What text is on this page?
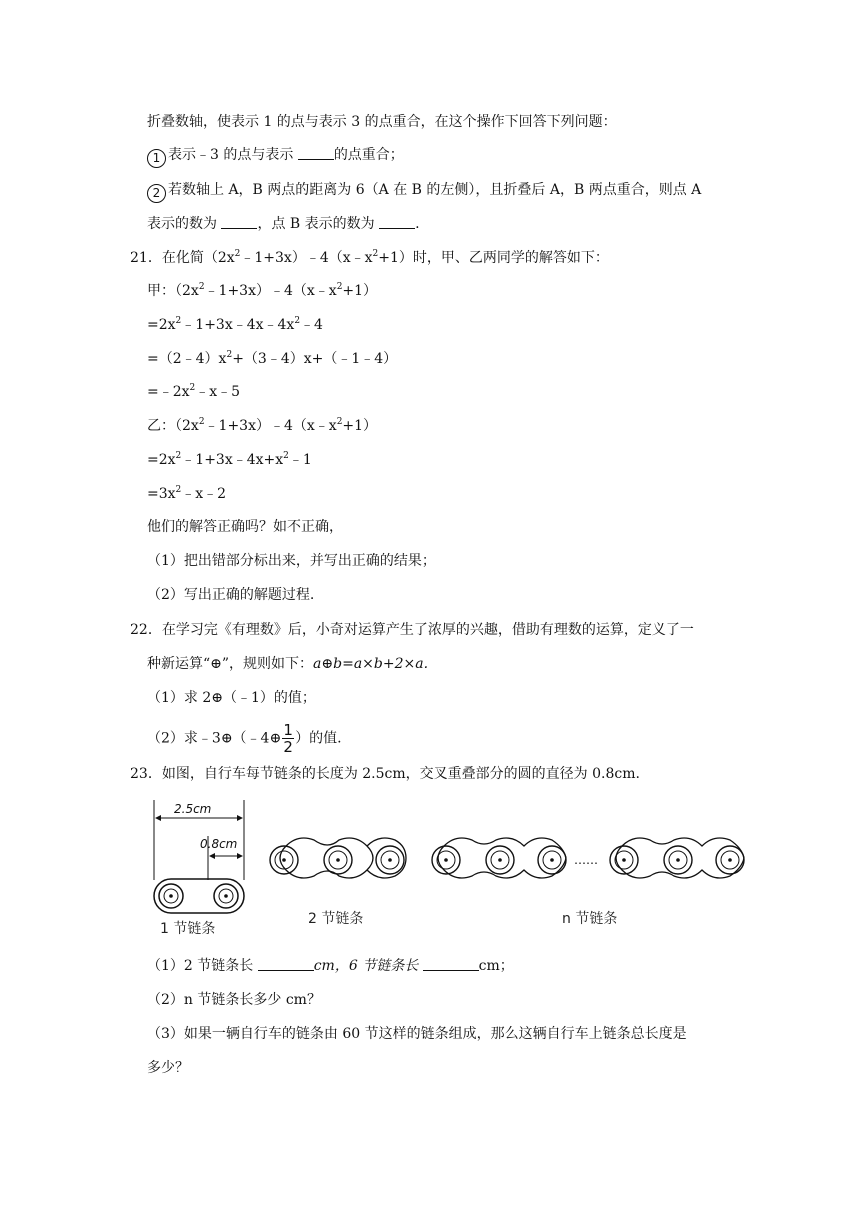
折叠数轴，使表示 1 的点与表示 3 的点重合，在这个操作下回答下列问题：
1 表示﹣3 的点与表示	的点重合；
2 若数轴上 A，B 两点的距离为 6（A 在 B 的左侧），且折叠后 A，B 两点重合，则点 A
表示的数为	，点 B 表示的数为	.
21．在化简$(2x^2﹣1+3x)﹣4(x﹣x^2+1)$时，甲、乙两同学的解答如下：
甲：$(2x^2﹣1+3x)﹣4(x﹣x^2+1)$
$=2x^2﹣1+3x﹣4x﹣4x^2﹣4$
$=(2﹣4)x^2+(3﹣4)x+(﹣1﹣4)$
$=﹣2x^2﹣x﹣5$
乙：$(2x^2﹣1+3x)﹣4(x﹣x^2+1)$
$=2x^2﹣1+3x﹣4x+x^2﹣1$
$=3x^2﹣x﹣2$
他们的解答正确吗？如不正确，
（1）把出错部分标出来，并写出正确的结果；
（2）写出正确的解题过程.
22．在学习完《有理数》后，小奇对运算产生了浓厚的兴趣，借助有理数的运算，定义了一
种新运算“⊕”，规则如下：a⊕b=a×b+2×a.
（1）求 2⊕（﹣1）的值；
（2）求﹣3⊕（﹣4⊕ $\frac{1}{2}$ ）的值.
23．如图，自行车每节链条的长度为 2.5cm，交叉重叠部分的圆的直径为 0.8cm.
2.5cm
0.8cm
……
1 节链条
2 节链条	n 节链条
（1）2 节链条长	cm，6 节链条长	cm；
（2）n 节链条长多少 cm？
（3）如果一辆自行车的链条由 60 节这样的链条组成，那么这辆自行车上链条总长度是
多少？
